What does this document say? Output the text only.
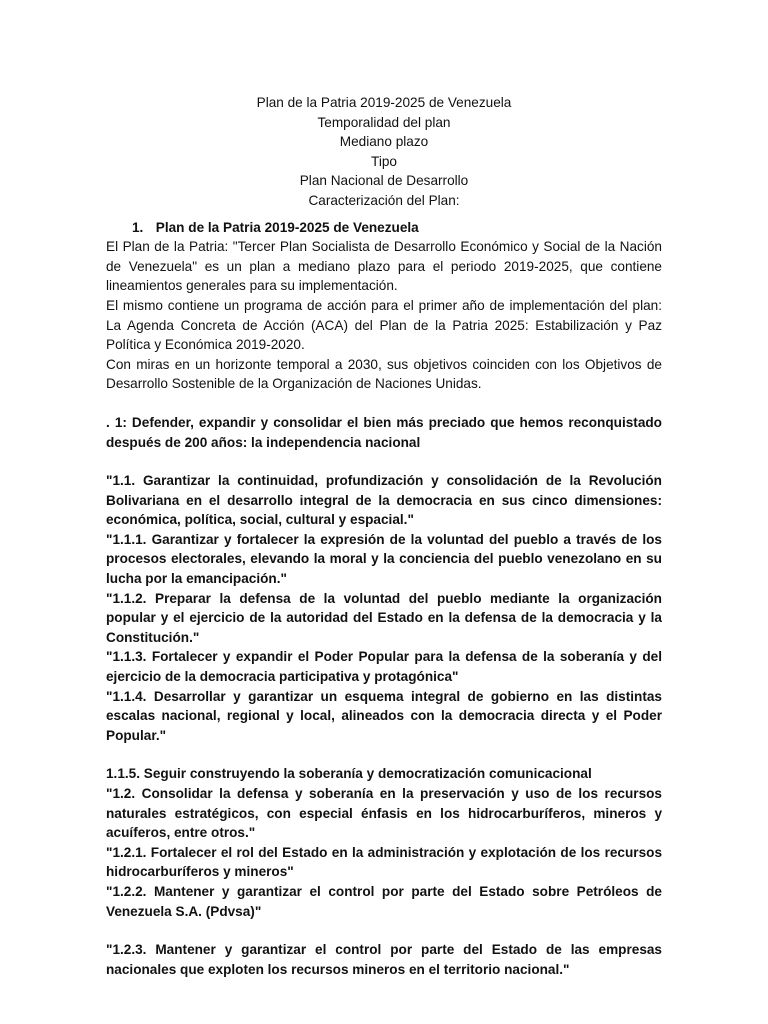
Plan de la Patria 2019-2025 de Venezuela
Temporalidad del plan
Mediano plazo
Tipo
Plan Nacional de Desarrollo
Caracterización del Plan:
1. Plan de la Patria 2019-2025 de Venezuela

El Plan de la Patria: "Tercer Plan Socialista de Desarrollo Económico y Social de la Nación de Venezuela" es un plan a mediano plazo para el periodo 2019-2025, que contiene lineamientos generales para su implementación.

El mismo contiene un programa de acción para el primer año de implementación del plan: La Agenda Concreta de Acción (ACA) del Plan de la Patria 2025: Estabilización y Paz Política y Económica 2019-2020.

Con miras en un horizonte temporal a 2030, sus objetivos coinciden con los Objetivos de Desarrollo Sostenible de la Organización de Naciones Unidas.

. 1: Defender, expandir y consolidar el bien más preciado que hemos reconquistado después de 200 años: la independencia nacional

"1.1. Garantizar la continuidad, profundización y consolidación de la Revolución Bolivariana en el desarrollo integral de la democracia en sus cinco dimensiones: económica, política, social, cultural y espacial."

"1.1.1. Garantizar y fortalecer la expresión de la voluntad del pueblo a través de los procesos electorales, elevando la moral y la conciencia del pueblo venezolano en su lucha por la emancipación."

"1.1.2. Preparar la defensa de la voluntad del pueblo mediante la organización popular y el ejercicio de la autoridad del Estado en la defensa de la democracia y la Constitución."

"1.1.3. Fortalecer y expandir el Poder Popular para la defensa de la soberanía y del ejercicio de la democracia participativa y protagónica"

"1.1.4. Desarrollar y garantizar un esquema integral de gobierno en las distintas escalas nacional, regional y local, alineados con la democracia directa y el Poder Popular."

1.1.5. Seguir construyendo la soberanía y democratización comunicacional

"1.2. Consolidar la defensa y soberanía en la preservación y uso de los recursos naturales estratégicos, con especial énfasis en los hidrocarburíferos, mineros y acuíferos, entre otros."

"1.2.1. Fortalecer el rol del Estado en la administración y explotación de los recursos hidrocarburíferos y mineros"

"1.2.2. Mantener y garantizar el control por parte del Estado sobre Petróleos de Venezuela S.A. (Pdvsa)"

"1.2.3. Mantener y garantizar el control por parte del Estado de las empresas nacionales que exploten los recursos mineros en el territorio nacional."
